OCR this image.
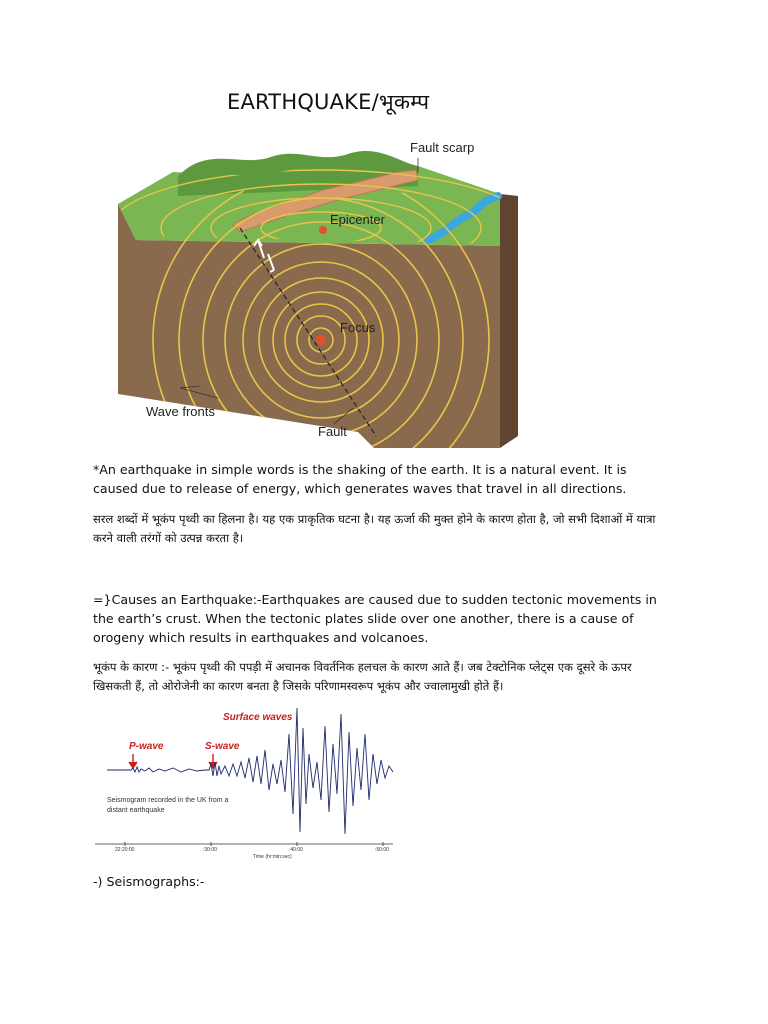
EARTHQUAKE/भूकम्प
Fault scarp
Epicenter
Focus
Wave fronts
Fault
*An earthquake in simple words is the shaking of the earth. It is a natural event. It is caused due to release of energy, which generates waves that travel in all directions.
सरल शब्दों में भूकंप पृथ्वी का हिलना है। यह एक प्राकृतिक घटना है। यह ऊर्जा की मुक्त होने के कारण होता है, जो सभी दिशाओं में यात्रा करने वाली तरंगों को उत्पन्न करता है।
=}Causes an Earthquake:-Earthquakes are caused due to sudden tectonic movements in the earth’s crust. When the tectonic plates slide over one another, there is a cause of orogeny which results in earthquakes and volcanoes.
भूकंप के कारण :- भूकंप पृथ्वी की पपड़ी में अचानक विवर्तनिक हलचल के कारण आते हैं। जब टेक्टोनिक प्लेट्स एक दूसरे के ऊपर खिसकती हैं, तो ओरोजेनी का कारण बनता है जिसके परिणामस्वरूप भूकंप और ज्वालामुखी होते हैं।
Surface waves
P-wave	S-wave
Seismogram recorded in the UK from a
distant earthquake
22:20:00	:30:00	:40:00	:50:00
Time (hr:min:sec)
-) Seismographs:-
